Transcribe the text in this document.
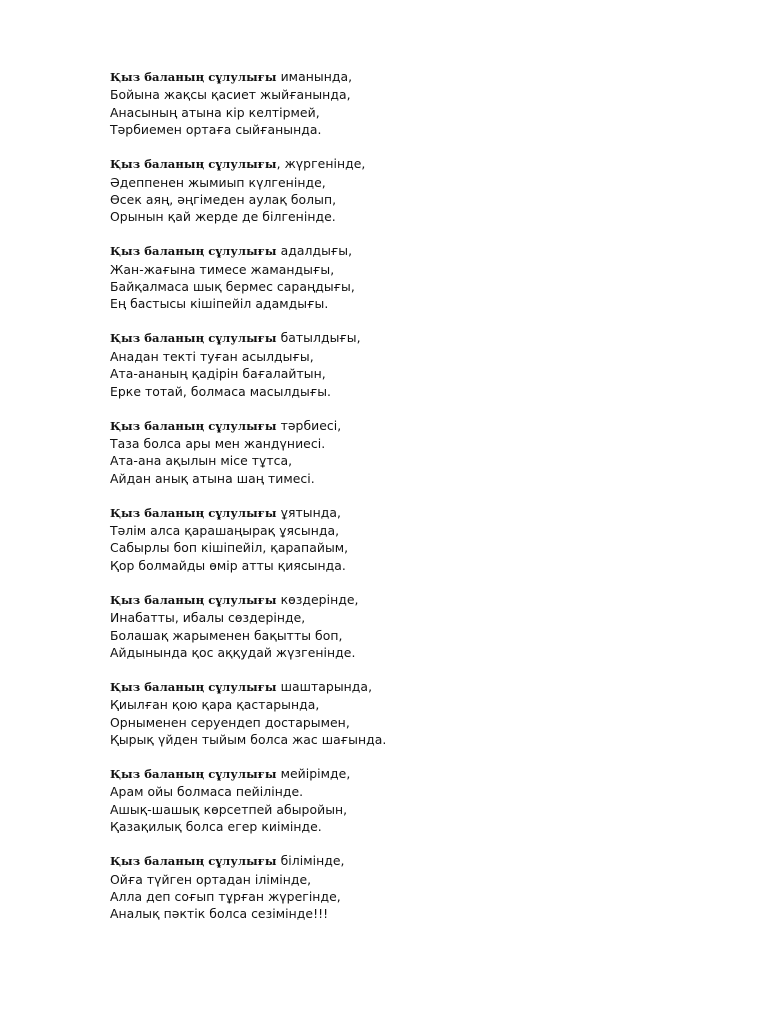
Қыз баланың сұлулығы иманында,
Бойына жақсы қасиет жыйғанында,
Анасының атына кір келтірмей,
Тәрбиемен ортаға сыйғанында.
Қыз баланың сұлулығы, жүргенінде,
Әдеппенен жымиып күлгенінде,
Өсек аяң, әңгімеден аулақ болып,
Орынын қай жерде де білгенінде.
Қыз баланың сұлулығы адалдығы,
Жан-жағына тимесе жамандығы,
Байқалмаса шық бермес сараңдығы,
Ең бастысы кішіпейіл адамдығы.
Қыз баланың сұлулығы батылдығы,
Анадан текті туған асылдығы,
Ата-ананың қадірін бағалайтын,
Ерке тотай, болмаса масылдығы.
Қыз баланың сұлулығы тәрбиесі,
Таза болса ары мен жандүниесі.
Ата-ана ақылын місе тұтса,
Айдан анық атына шаң тимесі.
Қыз баланың сұлулығы ұятында,
Тәлім алса қарашаңырақ ұясында,
Сабырлы боп кішіпейіл, қарапайым,
Қор болмайды өмір атты қиясында.
Қыз баланың сұлулығы көздерінде,
Инабатты, ибалы сөздерінде,
Болашақ жарыменен бақытты боп,
Айдынында қос аққудай жүзгенінде.
Қыз баланың сұлулығы шаштарында,
Қиылған қою қара қастарында,
Орныменен серуендеп достарымен,
Қырық үйден тыйым болса жас шағында.
Қыз баланың сұлулығы мейірімде,
Арам ойы болмаса пейілінде.
Ашық-шашық көрсетпей абыройын,
Қазақилық болса егер киімінде.
Қыз баланың сұлулығы білімінде,
Ойға түйген ортадан ілімінде,
Алла деп соғып тұрған жүрегінде,
Аналық пәктік болса сезімінде!!!
